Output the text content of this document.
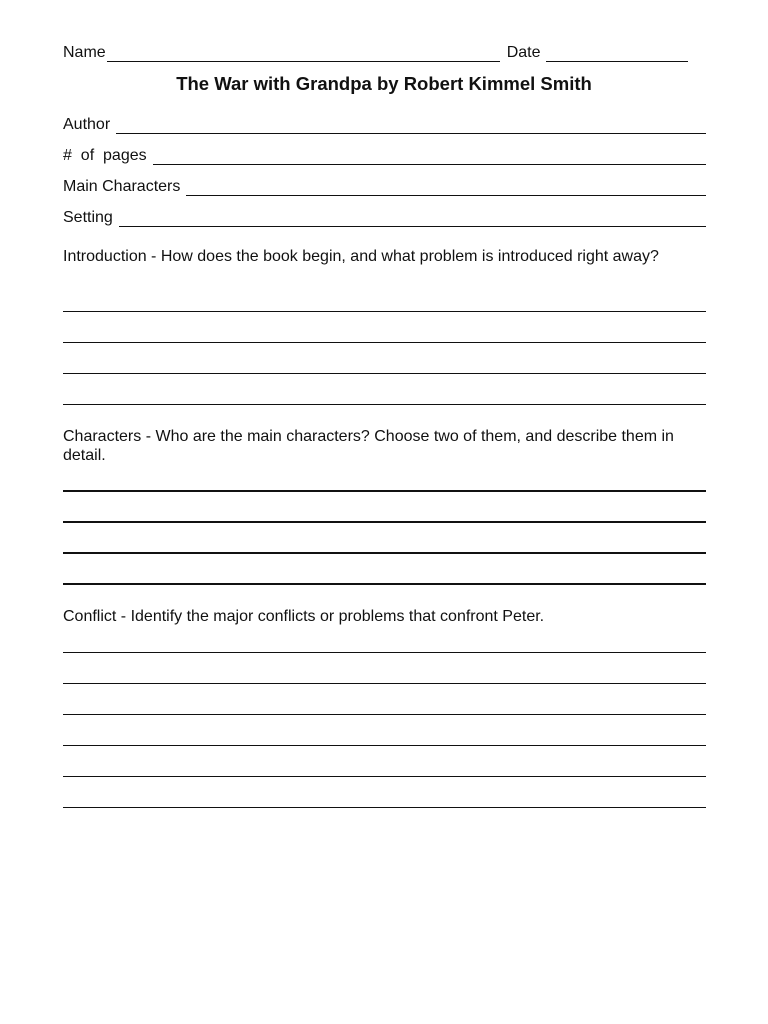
Name	Date
The War with Grandpa by Robert Kimmel Smith
Author
#  of  pages
Main Characters
Setting
Introduction - How does the book begin, and what problem is introduced right away?
Characters - Who are the main characters? Choose two of them, and describe them in detail.
Conflict - Identify the major conflicts or problems that confront Peter.
